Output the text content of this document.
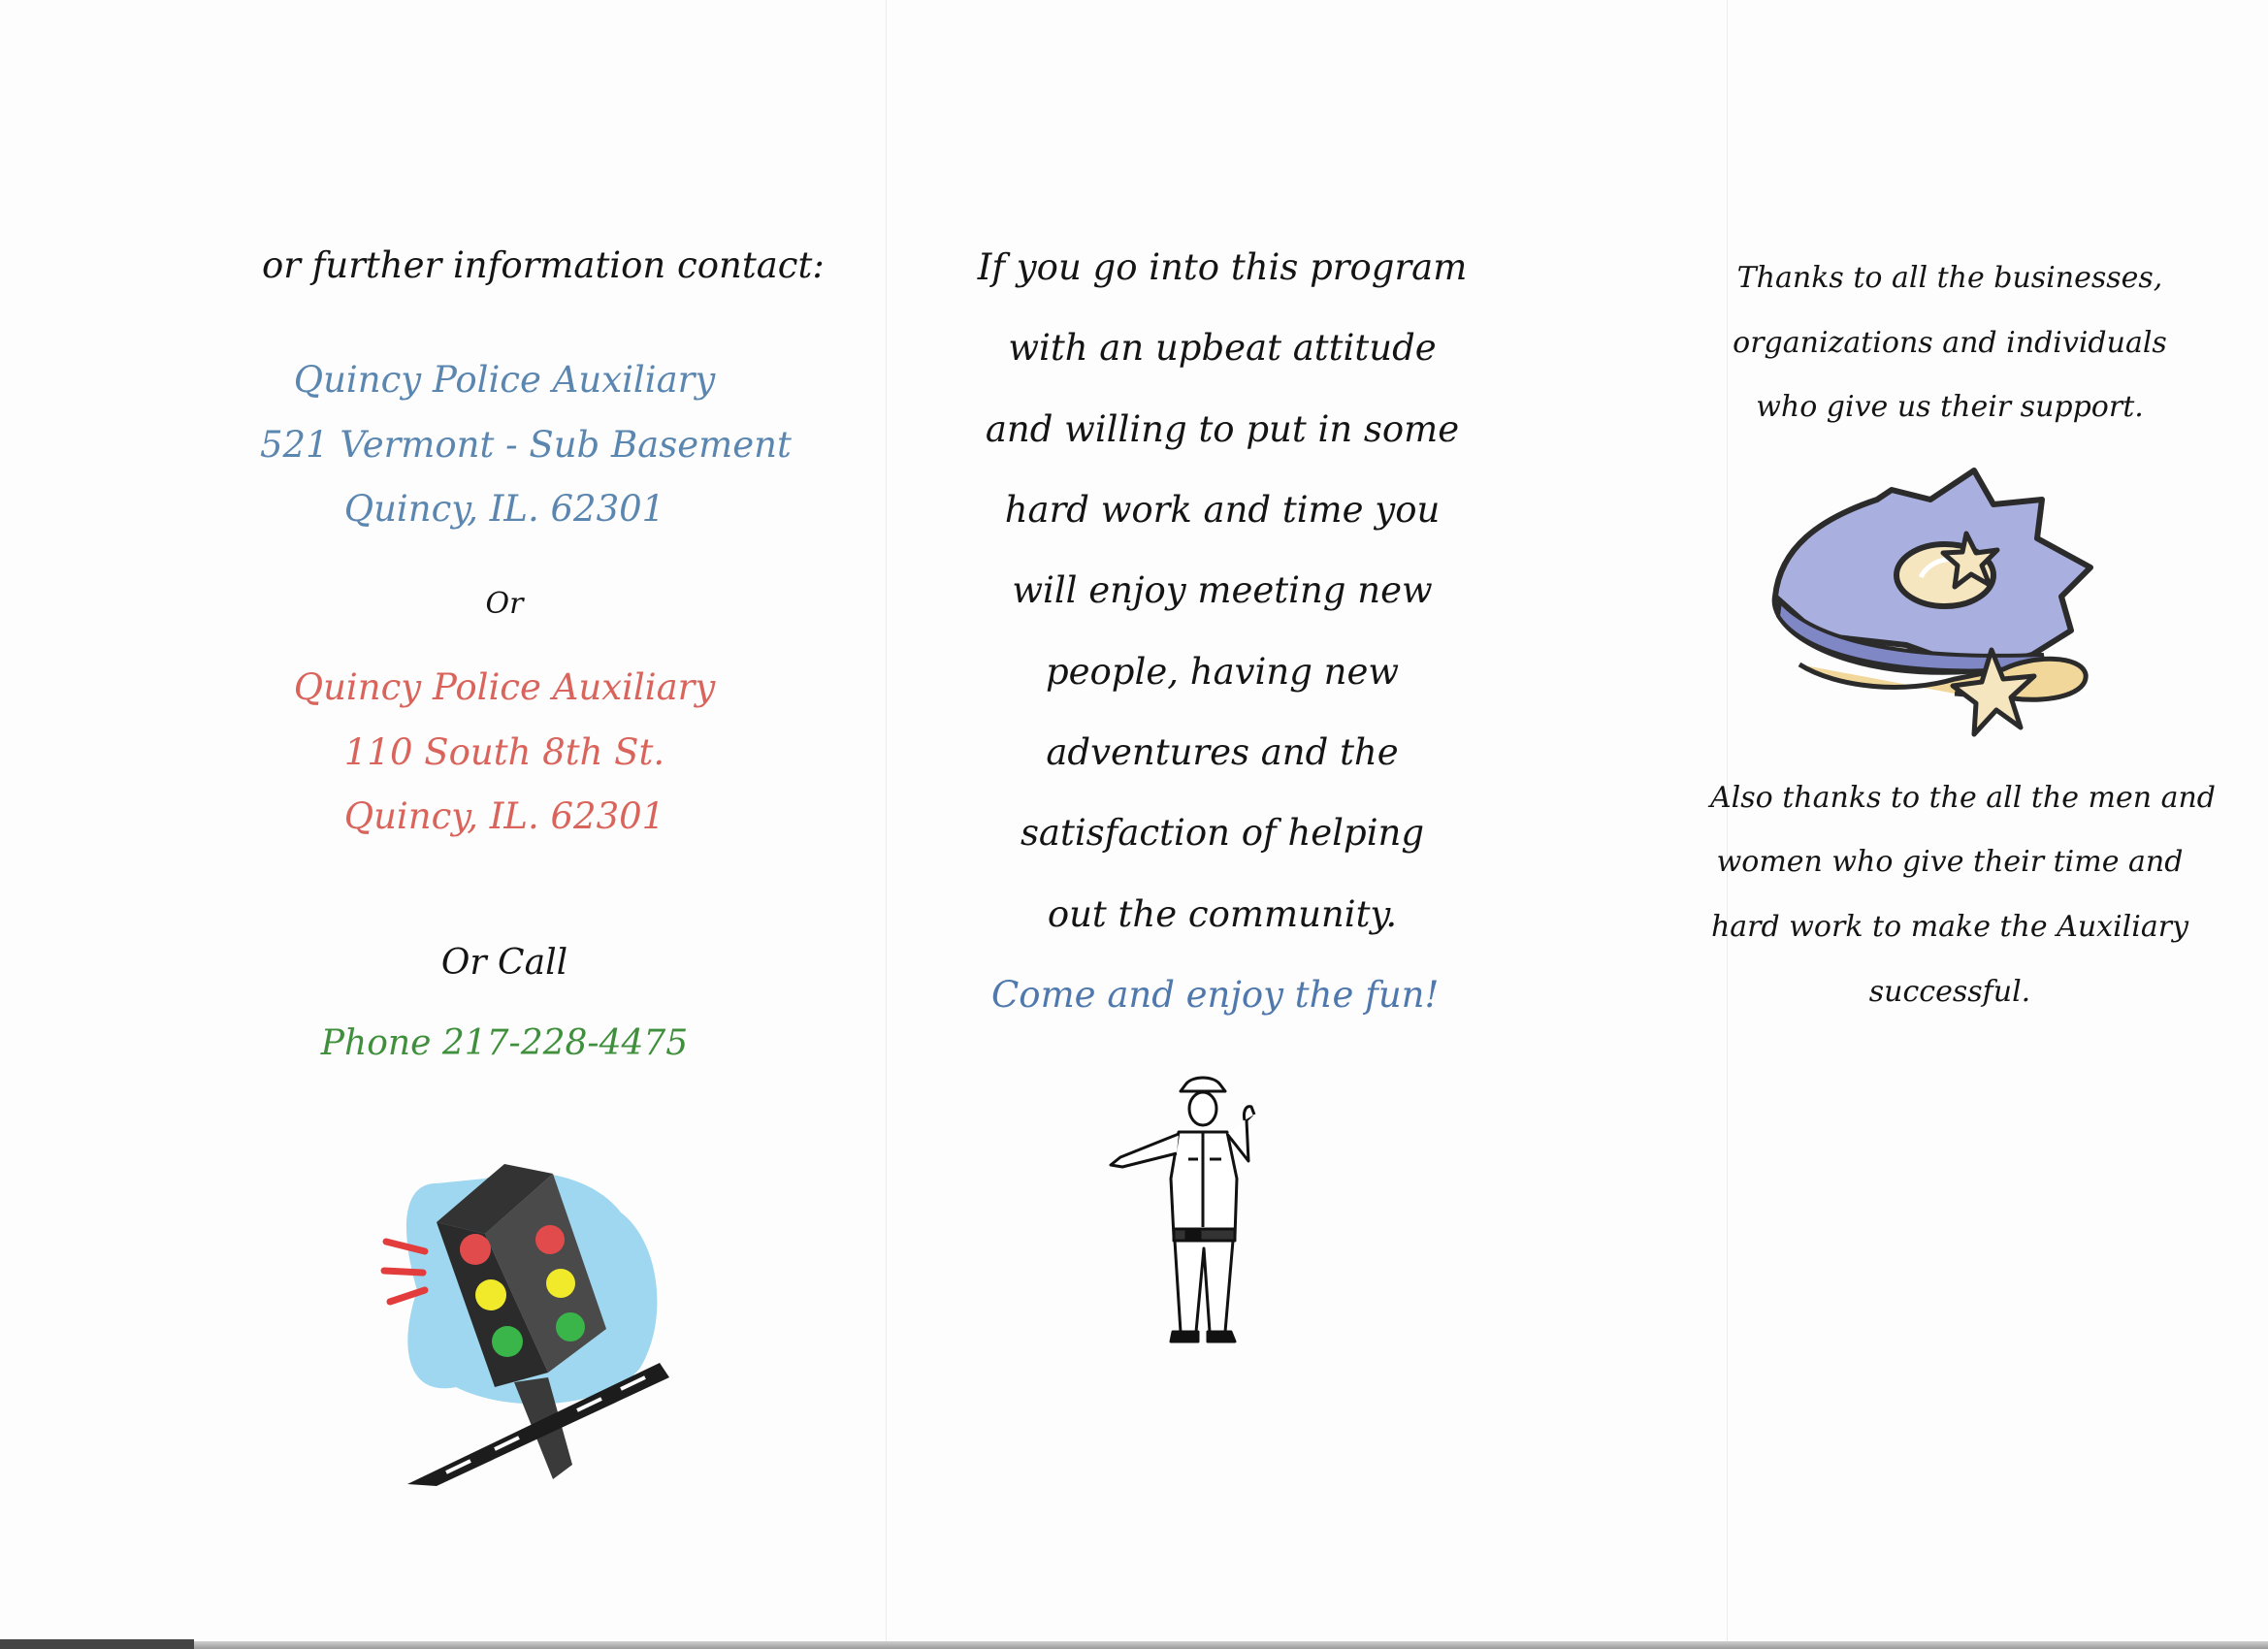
or further information contact:
Quincy Police Auxiliary
521 Vermont - Sub Basement
Quincy, IL. 62301
Or
Quincy Police Auxiliary
110 South 8th St.
Quincy, IL. 62301
Or Call
Phone 217-228-4475
If you go into this program
with an upbeat attitude
and willing to put in some
hard work and time you
will enjoy meeting new
people, having new
adventures and the
satisfaction of helping
out the community.
Come and enjoy the fun!
Thanks to all the businesses,
organizations and individuals
who give us their support.
Also thanks to the all the men and
women who give their time and
hard work to make the Auxiliary
successful.
